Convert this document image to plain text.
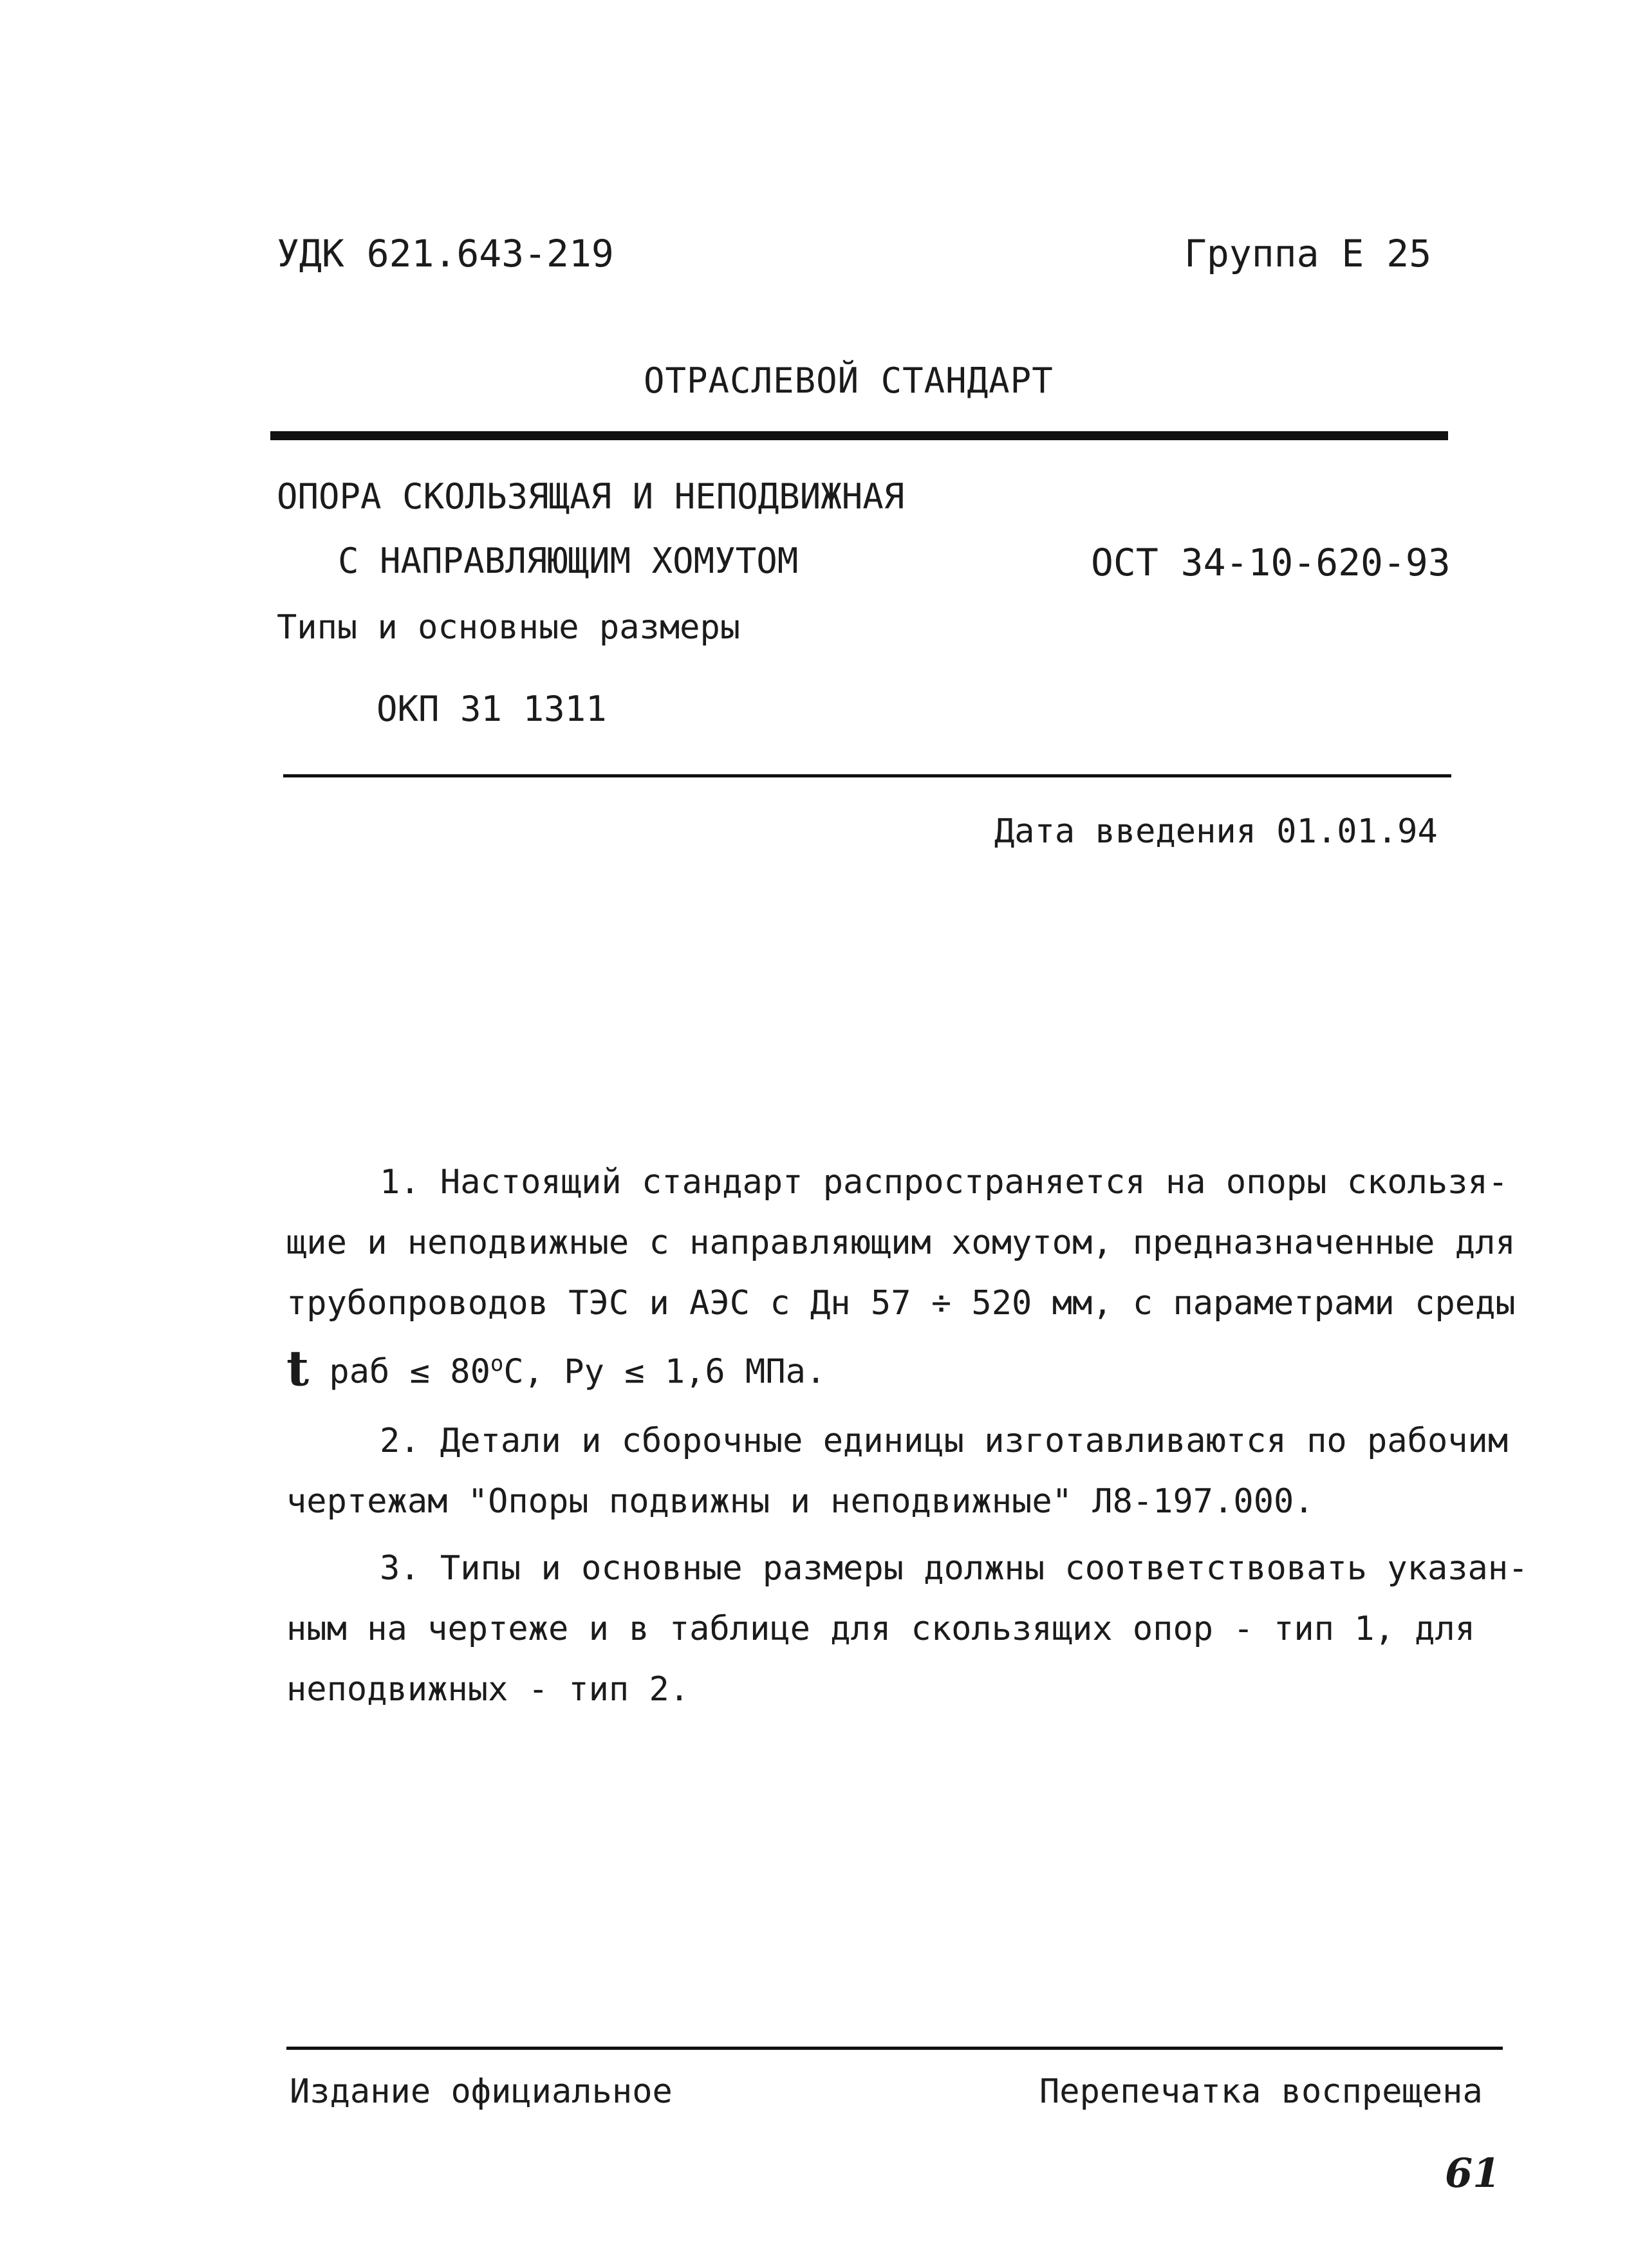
УДК 621.643-219	Группа Е 25
ОТРАСЛЕВОЙ СТАНДАРТ
ОПОРА СКОЛЬЗЯЩАЯ И НЕПОДВИЖНАЯ
С НАПРАВЛЯЮЩИМ ХОМУТОМ	ОСТ 34-10-620-93
Типы и основные размеры
ОКП 31 1311
Дата введения 01.01.94
1. Настоящий стандарт распространяется на опоры скользя-
щие и неподвижные с направляющим хомутом, предназначенные для
трубопроводов ТЭС и АЭС с Дн 57 ÷ 520 мм, с параметрами среды
t раб ≤ $80^оС$, Ру ≤ 1,6 МПа.
2. Детали и сборочные единицы изготавливаются по рабочим
чертежам "Опоры подвижны и неподвижные" Л8-197.000.
3. Типы и основные размеры должны соответствовать указан-
ным на чертеже и в таблице для скользящих опор - тип 1, для
неподвижных - тип 2.
Издание официальное	Перепечатка воспрещена
61
